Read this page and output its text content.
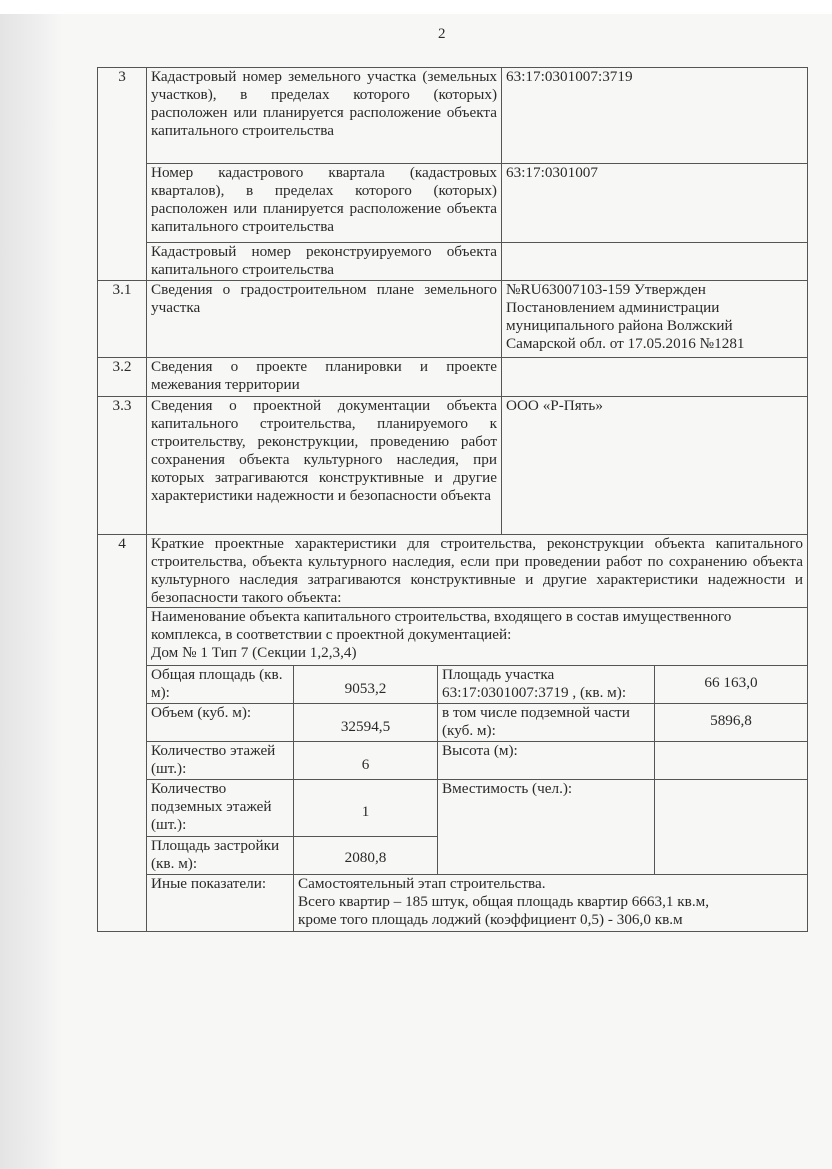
2
3	Кадастровый номер земельного участка (земельных участков), в пределах которого (которых) расположен или планируется расположение объекта капитального строительства	63:17:0301007:3719
Номер кадастрового квартала (кадастровых кварталов), в пределах которого (которых) расположен или планируется расположение объекта капитального строительства	63:17:0301007
Кадастровый номер реконструируемого объекта капитального строительства	
3.1	Сведения о градостроительном плане земельного участка	№RU63007103-159 Утвержден Постановлением администрации муниципального района Волжский Самарской обл. от 17.05.2016 №1281
3.2	Сведения о проекте планировки и проекте межевания территории	
3.3	Сведения о проектной документации объекта капитального строительства, планируемого к строительству, реконструкции, проведению работ сохранения объекта культурного наследия, при которых затрагиваются конструктивные и другие характеристики надежности и безопасности объекта	ООО «Р-Пять»
4	Краткие проектные характеристики для строительства, реконструкции объекта капитального строительства, объекта культурного наследия, если при проведении работ по сохранению объекта культурного наследия затрагиваются конструктивные и другие характеристики надежности и безопасности такого объекта:
Наименование объекта капитального строительства, входящего в состав имущественного комплекса, в соответствии с проектной документацией:
Дом № 1 Тип 7 (Секции 1,2,3,4)
Общая площадь (кв. м):	9053,2	Площадь участка 63:17:0301007:3719 , (кв. м):	66 163,0
Объем (куб. м):	32594,5	в том числе подземной части (куб. м):	5896,8
Количество этажей (шт.):	6	Высота (м):	
Количество подземных этажей (шт.):	1	Вместимость (чел.):	
Площадь застройки (кв. м):	2080,8
Иные показатели:	Самостоятельный этап строительства.
Всего квартир – 185 штук, общая площадь квартир 6663,1 кв.м,
кроме того площадь лоджий (коэффициент 0,5) - 306,0 кв.м
